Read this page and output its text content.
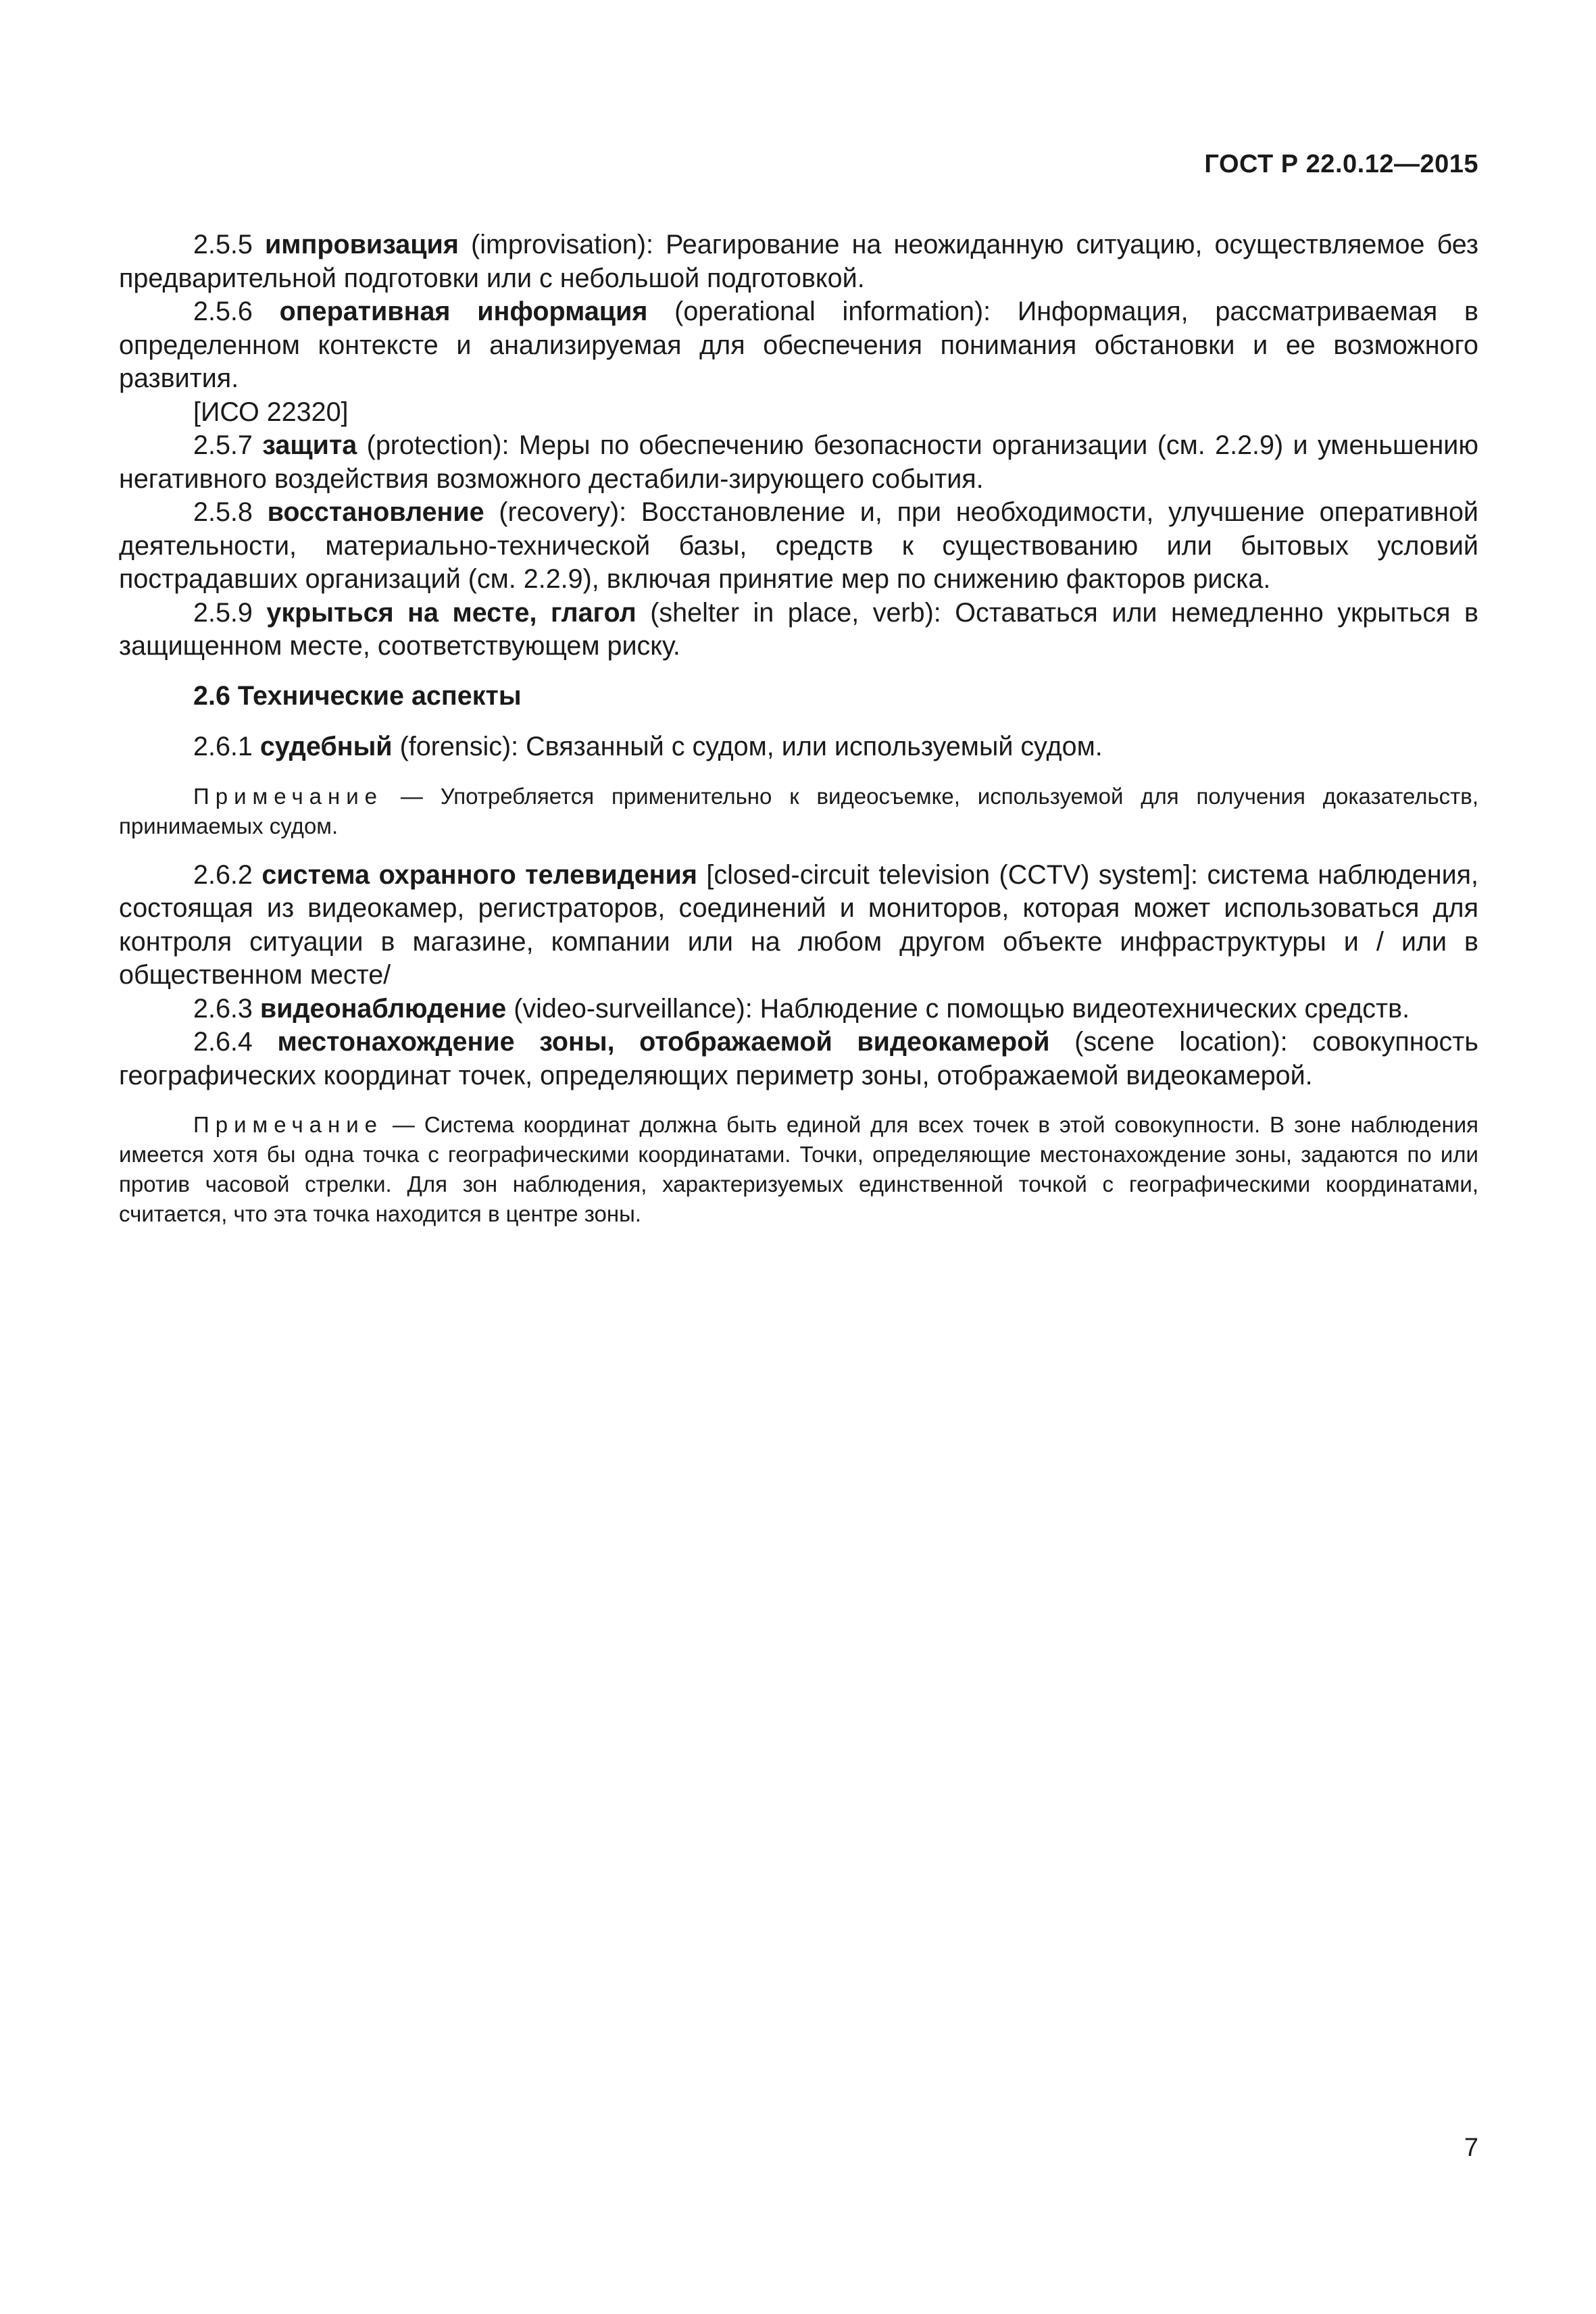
ГОСТ Р 22.0.12—2015

2.5.5 импровизация (improvisation): Реагирование на неожиданную ситуацию, осуществляемое без предварительной подготовки или с небольшой подготовкой.

2.5.6 оперативная информация (operational information): Информация, рассматриваемая в определенном контексте и анализируемая для обеспечения понимания обстановки и ее возможного развития.

[ИСО 22320]

2.5.7 защита (protection): Меры по обеспечению безопасности организации (см. 2.2.9) и уменьшению негативного воздействия возможного дестабили-зирующего события.

2.5.8 восстановление (recovery): Восстановление и, при необходимости, улучшение оперативной деятельности, материально-технической базы, средств к существованию или бытовых условий пострадавших организаций (см. 2.2.9), включая принятие мер по снижению факторов риска.

2.5.9 укрыться на месте, глагол (shelter in place, verb): Оставаться или немедленно укрыться в защищенном месте, соответствующем риску.

2.6 Технические аспекты

2.6.1 судебный (forensic): Связанный с судом, или используемый судом.

Примечание — Употребляется применительно к видеосъемке, используемой для получения доказательств, принимаемых судом.

2.6.2 система охранного телевидения [closed-circuit television (CCTV) system]: система наблюдения, состоящая из видеокамер, регистраторов, соединений и мониторов, которая может использоваться для контроля ситуации в магазине, компании или на любом другом объекте инфраструктуры и / или в общественном месте/

2.6.3 видеонаблюдение (video-surveillance): Наблюдение с помощью видеотехнических средств.

2.6.4 местонахождение зоны, отображаемой видеокамерой (scene location): совокупность географических координат точек, определяющих периметр зоны, отображаемой видеокамерой.

Примечание — Система координат должна быть единой для всех точек в этой совокупности. В зоне наблюдения имеется хотя бы одна точка с географическими координатами. Точки, определяющие местонахождение зоны, задаются по или против часовой стрелки. Для зон наблюдения, характеризуемых единственной точкой с географическими координатами, считается, что эта точка находится в центре зоны.

7
